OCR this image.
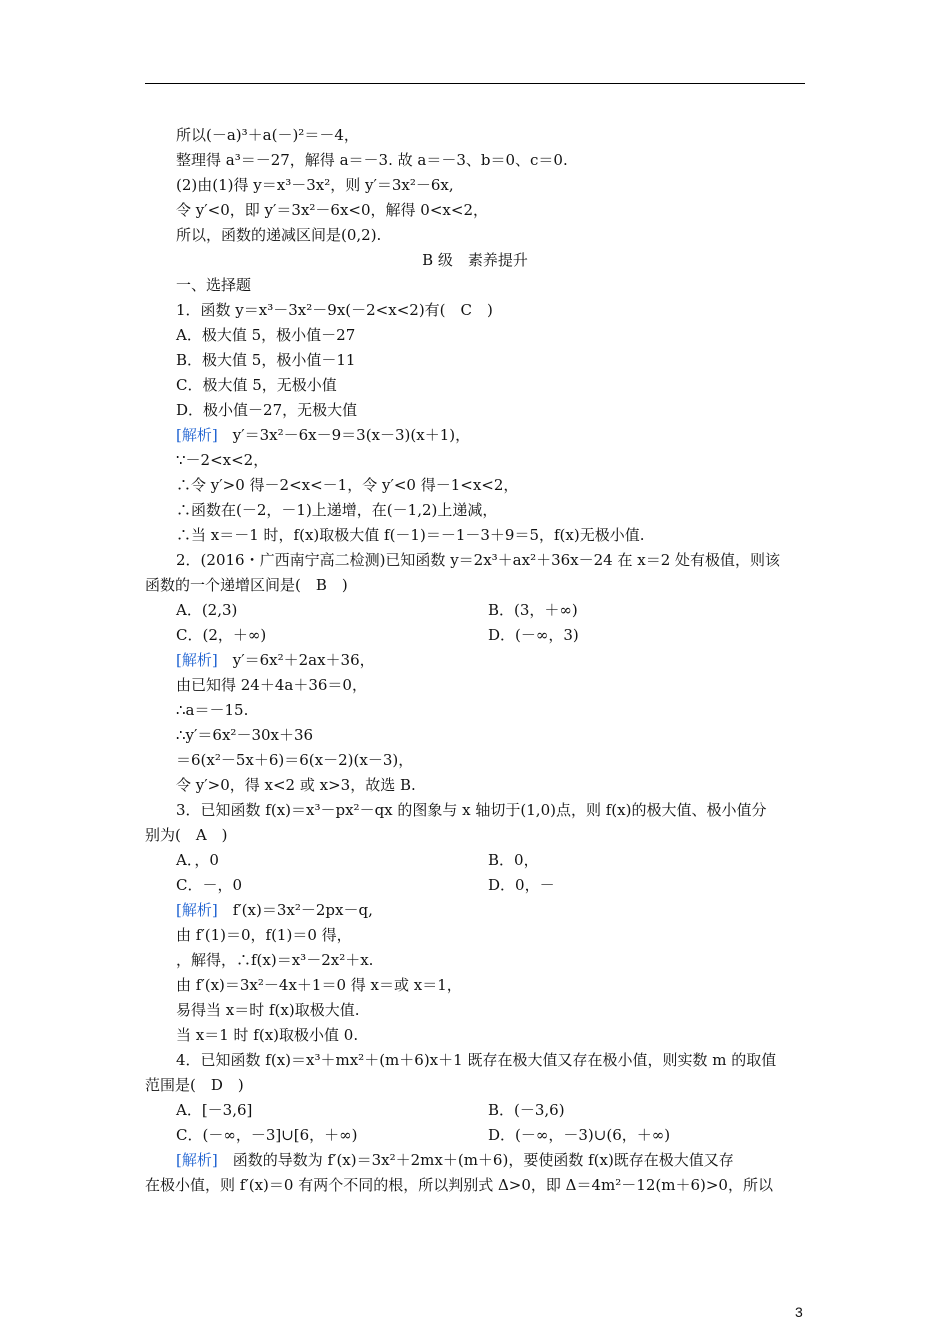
所以(－a)³＋a(－)²＝－4，
整理得 a³＝－27，解得 a＝－3. 故 a＝－3、b＝0、c＝0.
(2)由(1)得 y＝x³－3x²，则 y′＝3x²－6x,
令 y′<0，即 y′＝3x²－6x<0，解得 0<x<2，
所以，函数的递减区间是(0,2).
B 级　素养提升
一、选择题
1．函数 y＝x³－3x²－9x(－2<x<2)有(　C　)
A．极大值 5，极小值－27
B．极大值 5，极小值－11
C．极大值 5，无极小值
D．极小值－27，无极大值
[解析]　y′＝3x²－6x－9＝3(x－3)(x＋1)，
∵－2<x<2，
∴令 y′>0 得－2<x<－1，令 y′<0 得－1<x<2，
∴函数在(－2，－1)上递增，在(－1,2)上递减，
∴当 x＝－1 时，f(x)取极大值 f(－1)＝－1－3＋9＝5，f(x)无极小值.
2．(2016・广西南宁高二检测)已知函数 y＝2x³＋ax²＋36x－24 在 x＝2 处有极值，则该
函数的一个递增区间是(　B　)
A．(2,3)	B．(3，＋∞)
C．(2，＋∞)	D．(－∞，3)
[解析]　y′＝6x²＋2ax＋36，
由已知得 24＋4a＋36＝0，
∴a＝－15.
∴y′＝6x²－30x＋36
＝6(x²－5x＋6)＝6(x－2)(x－3)，
令 y′>0，得 x<2 或 x>3，故选 B.
3．已知函数 f(x)＝x³－px²－qx 的图象与 x 轴切于(1,0)点，则 f(x)的极大值、极小值分
别为(　A　)
A．，0	B．0，
C．－，0	D．0，－
[解析]　f′(x)＝3x²－2px－q,
由 f′(1)＝0，f(1)＝0 得，
，解得，∴f(x)＝x³－2x²＋x.
由 f′(x)＝3x²－4x＋1＝0 得 x＝或 x＝1，
易得当 x＝时 f(x)取极大值.
当 x＝1 时 f(x)取极小值 0.
4．已知函数 f(x)＝x³＋mx²＋(m＋6)x＋1 既存在极大值又存在极小值，则实数 m 的取值
范围是(　D　)
A．[－3,6]	B．(－3,6)
C．(－∞，－3]∪[6，＋∞)	D．(－∞，－3)∪(6，＋∞)
[解析]　函数的导数为 f′(x)＝3x²＋2mx＋(m＋6)，要使函数 f(x)既存在极大值又存
在极小值，则 f′(x)＝0 有两个不同的根，所以判别式 Δ>0，即 Δ＝4m²－12(m＋6)>0，所以
3
